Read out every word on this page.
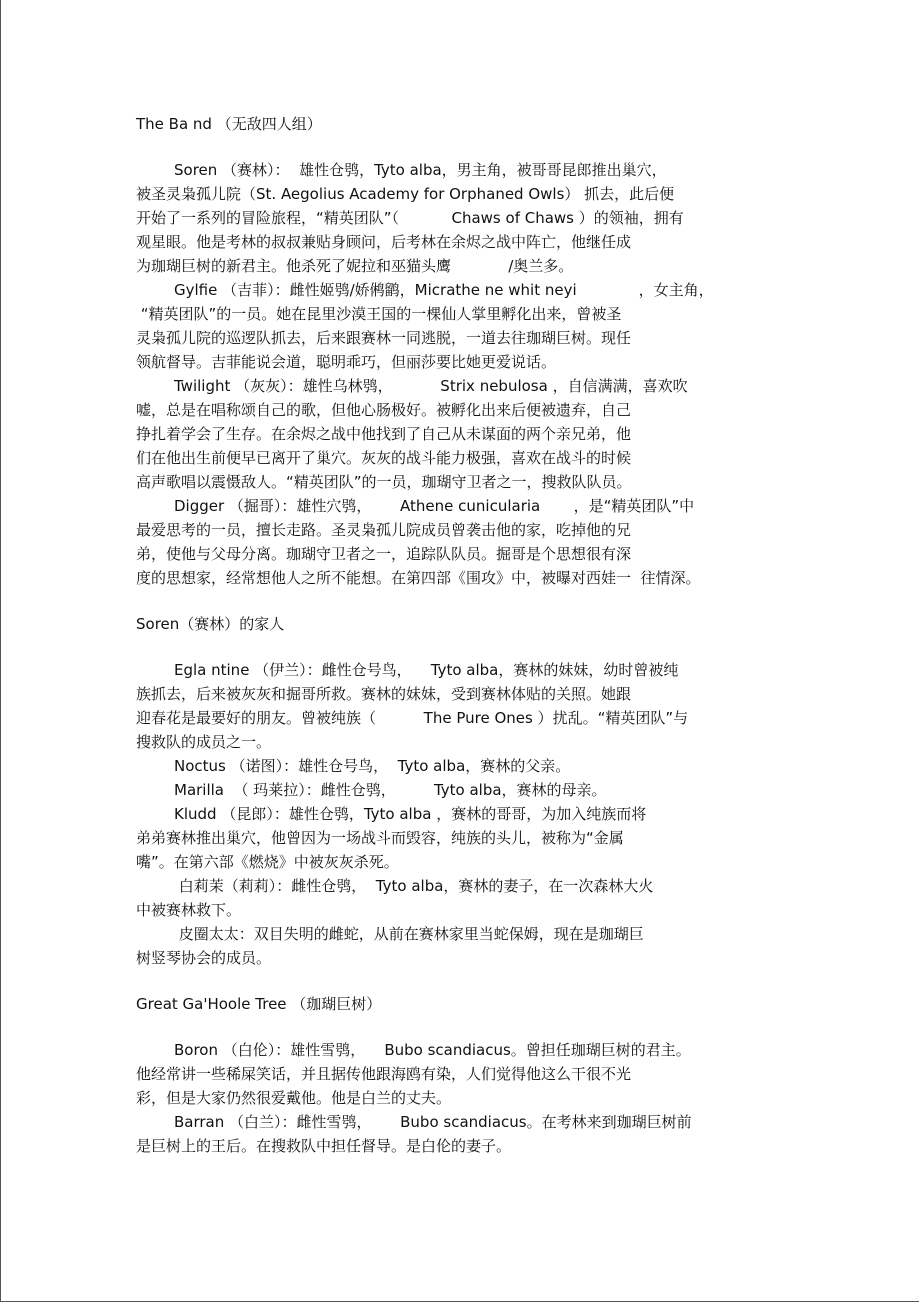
The Ba nd （无敌四人组）
Soren （赛林）：  雄性仓鸮，Tyto alba，男主角，被哥哥昆郎推出巢穴，
被圣灵枭孤儿院（St. Aegolius Academy for Orphaned Owls） 抓去，此后便
开始了一系列的冒险旅程，“精英团队”（           Chaws of Chaws ）的领袖，拥有
观星眼。他是考林的叔叔兼贴身顾问，后考林在余烬之战中阵亡，他继任成
为珈瑚巨树的新君主。他杀死了妮拉和巫猫头鹰            /奥兰多。
Gylfie （吉菲）：雌性姬鸮/娇鸺鹠，Micrathe ne whit neyi             ，女主角，
“精英团队”的一员。她在昆里沙漠王国的一棵仙人掌里孵化出来，曾被圣
灵枭孤儿院的巡逻队抓去，后来跟赛林一同逃脱，一道去往珈瑚巨树。现任
领航督导。吉菲能说会道，聪明乖巧，但丽莎要比她更爱说话。
Twilight （灰灰）：雄性乌林鸮，          Strix nebulosa ，自信满满，喜欢吹
嘘，总是在唱称颂自己的歌，但他心肠极好。被孵化出来后便被遗弃，自己
挣扎着学会了生存。在余烬之战中他找到了自己从未谋面的两个亲兄弟，他
们在他出生前便早已离开了巢穴。灰灰的战斗能力极强，喜欢在战斗的时候
高声歌唱以震慑敌人。“精英团队”的一员，珈瑚守卫者之一，搜救队队员。
Digger （掘哥）：雄性穴鸮，      Athene cunicularia       ，是“精英团队”中
最爱思考的一员，擅长走路。圣灵枭孤儿院成员曾袭击他的家，吃掉他的兄
弟，使他与父母分离。珈瑚守卫者之一，追踪队队员。掘哥是个思想很有深
度的思想家，经常想他人之所不能想。在第四部《围攻》中，被曝对西娃一  往情深。
Soren（赛林）的家人
Egla ntine （伊兰）：雌性仓号鸟，    Tyto alba，赛林的妹妹，幼时曾被纯
族抓去，后来被灰灰和掘哥所救。赛林的妹妹，受到赛林体贴的关照。她跟
迎春花是最要好的朋友。曾被纯族（          The Pure Ones ）扰乱。“精英团队”与
搜救队的成员之一。
Noctus （诺图）：雄性仓号鸟，  Tyto alba，赛林的父亲。
Marilla  （ 玛莱拉）：雌性仓鸮，        Tyto alba，赛林的母亲。
Kludd （昆郎）：雄性仓鸮，Tyto alba ，赛林的哥哥，为加入纯族而将
弟弟赛林推出巢穴，他曾因为一场战斗而毁容，纯族的头儿，被称为“金属
嘴”。在第六部《燃烧》中被灰灰杀死。
白莉茉（莉莉）：雌性仓鸮，  Tyto alba，赛林的妻子，在一次森林大火
中被赛林救下。
皮圈太太：双目失明的雌蛇，从前在赛林家里当蛇保姆，现在是珈瑚巨
树竖琴协会的成员。
Great Ga'Hoole Tree （珈瑚巨树）
Boron （白伦）：雄性雪鸮，    Bubo scandiacus。曾担任珈瑚巨树的君主。
他经常讲一些稀屎笑话，并且据传他跟海鸥有染，人们觉得他这么干很不光
彩，但是大家仍然很爱戴他。他是白兰的丈夫。
Barran （白兰）：雌性雪鸮，      Bubo scandiacus。在考林来到珈瑚巨树前
是巨树上的王后。在搜救队中担任督导。是白伦的妻子。
